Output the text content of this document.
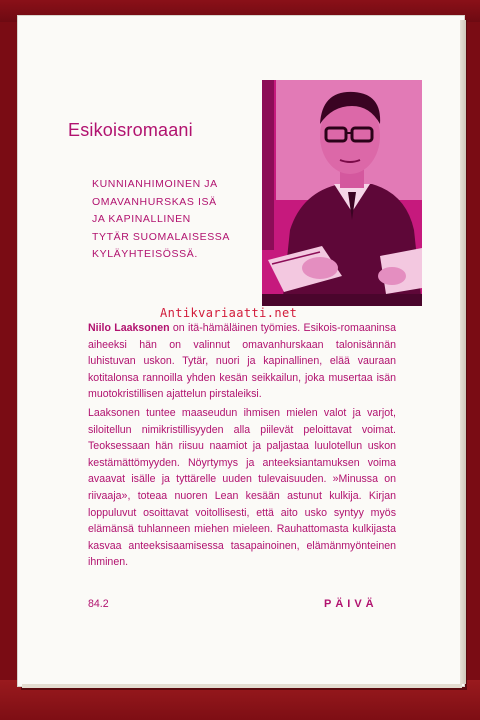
Esikoisromaani
KUNNIANHIMOINEN JA
OMAVANHURSKAS ISÄ
JA KAPINALLINEN
TYTÄR SUOMALAISESSA
KYLÄYHTEISÖSSÄ.
Antikvariaatti.net

Niilo Laaksonen on itä-hämäläinen työmies. Esikois-romaaninsa aiheeksi hän on valinnut omavanhurskaan talonisännän luhistuvan uskon. Tytär, nuori ja kapinallinen, elää vauraan kotitalonsa rannoilla yhden kesän seikkailun, joka musertaa isän muotokristillisen ajattelun pirstaleiksi.

Laaksonen tuntee maaseudun ihmisen mielen valot ja varjot, siloitellun nimikristillisyyden alla piilevät peloittavat voimat. Teoksessaan hän riisuu naamiot ja paljastaa luulotellun uskon kestämättömyyden. Nöyrtymys ja anteeksiantamuksen voima avaavat isälle ja tyttärelle uuden tulevaisuuden. »Minussa on riivaaja», toteaa nuoren Lean kesään astunut kulkija. Kirjan loppuluvut osoittavat voitollisesti, että aito usko syntyy myös elämänsä tuhlanneen miehen mieleen. Rauhattomasta kulkijasta kasvaa anteeksisaamisessa tasapainoinen, elämänmyönteinen ihminen.

84.2	PÄIVÄ
